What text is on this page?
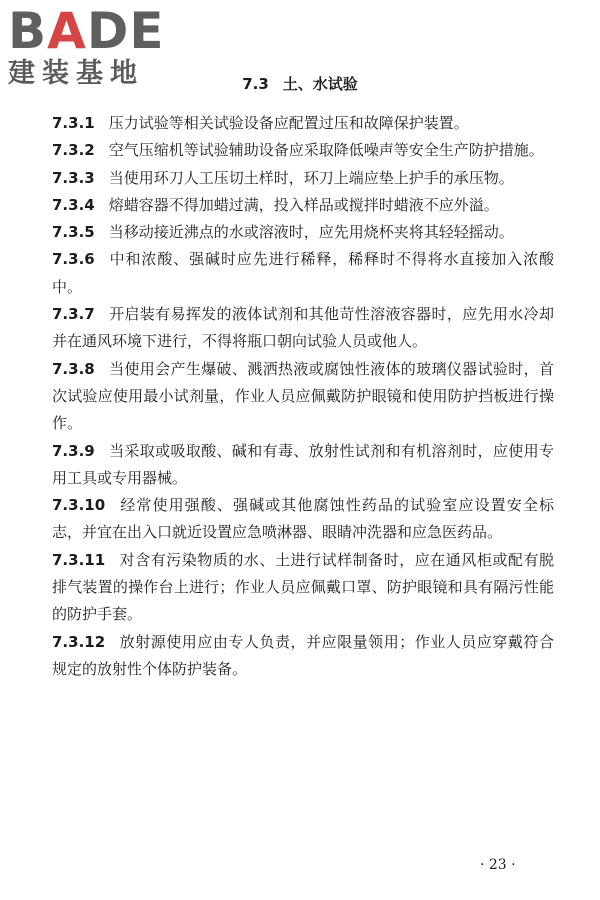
BADE
建装基地	7.3 土、水试验

7.3.1 压力试验等相关试验设备应配置过压和故障保护装置。

7.3.2 空气压缩机等试验辅助设备应采取降低噪声等安全生产防护措施。

7.3.3 当使用环刀人工压切土样时，环刀上端应垫上护手的承压物。

7.3.4 熔蜡容器不得加蜡过满，投入样品或搅拌时蜡液不应外溢。

7.3.5 当移动接近沸点的水或溶液时，应先用烧杯夹将其轻轻摇动。

7.3.6 中和浓酸、强碱时应先进行稀释，稀释时不得将水直接加入浓酸中。

7.3.7 开启装有易挥发的液体试剂和其他苛性溶液容器时，应先用水冷却并在通风环境下进行，不得将瓶口朝向试验人员或他人。

7.3.8 当使用会产生爆破、溅洒热液或腐蚀性液体的玻璃仪器试验时，首次试验应使用最小试剂量，作业人员应佩戴防护眼镜和使用防护挡板进行操作。

7.3.9 当采取或吸取酸、碱和有毒、放射性试剂和有机溶剂时，应使用专用工具或专用器械。

7.3.10 经常使用强酸、强碱或其他腐蚀性药品的试验室应设置安全标志，并宜在出入口就近设置应急喷淋器、眼睛冲洗器和应急医药品。

7.3.11 对含有污染物质的水、土进行试样制备时，应在通风柜或配有脱排气装置的操作台上进行；作业人员应佩戴口罩、防护眼镜和具有隔污性能的防护手套。

7.3.12 放射源使用应由专人负责，并应限量领用；作业人员应穿戴符合规定的放射性个体防护装备。

· 23 ·
